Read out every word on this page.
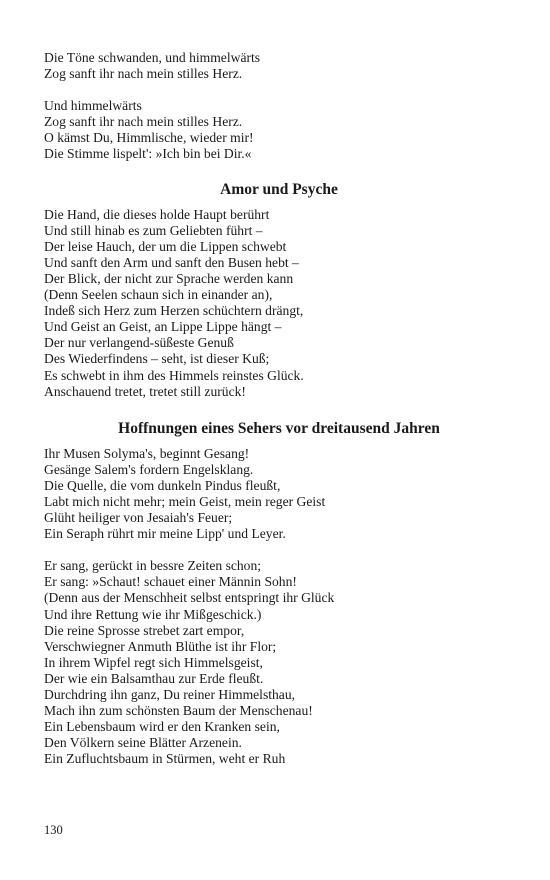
Die Töne schwanden, und himmelwärts
Zog sanft ihr nach mein stilles Herz.
Und himmelwärts
Zog sanft ihr nach mein stilles Herz.
O kämst Du, Himmlische, wieder mir!
Die Stimme lispelt': »Ich bin bei Dir.«
Amor und Psyche
Die Hand, die dieses holde Haupt berührt
Und still hinab es zum Geliebten führt –
Der leise Hauch, der um die Lippen schwebt
Und sanft den Arm und sanft den Busen hebt –
Der Blick, der nicht zur Sprache werden kann
(Denn Seelen schaun sich in einander an),
Indeß sich Herz zum Herzen schüchtern drängt,
Und Geist an Geist, an Lippe Lippe hängt –
Der nur verlangend-süßeste Genuß
Des Wiederfindens – seht, ist dieser Kuß;
Es schwebt in ihm des Himmels reinstes Glück.
Anschauend tretet, tretet still zurück!
Hoffnungen eines Sehers vor dreitausend Jahren
Ihr Musen Solyma's, beginnt Gesang!
Gesänge Salem's fordern Engelsklang.
Die Quelle, die vom dunkeln Pindus fleußt,
Labt mich nicht mehr; mein Geist, mein reger Geist
Glüht heiliger von Jesaiah's Feuer;
Ein Seraph rührt mir meine Lipp' und Leyer.
Er sang, gerückt in bessre Zeiten schon;
Er sang: »Schaut! schauet einer Männin Sohn!
(Denn aus der Menschheit selbst entspringt ihr Glück
Und ihre Rettung wie ihr Mißgeschick.)
Die reine Sprosse strebet zart empor,
Verschwiegner Anmuth Blüthe ist ihr Flor;
In ihrem Wipfel regt sich Himmelsgeist,
Der wie ein Balsamthau zur Erde fleußt.
Durchdring ihn ganz, Du reiner Himmelsthau,
Mach ihn zum schönsten Baum der Menschenau!
Ein Lebensbaum wird er den Kranken sein,
Den Völkern seine Blätter Arzenein.
Ein Zufluchtsbaum in Stürmen, weht er Ruh
130
